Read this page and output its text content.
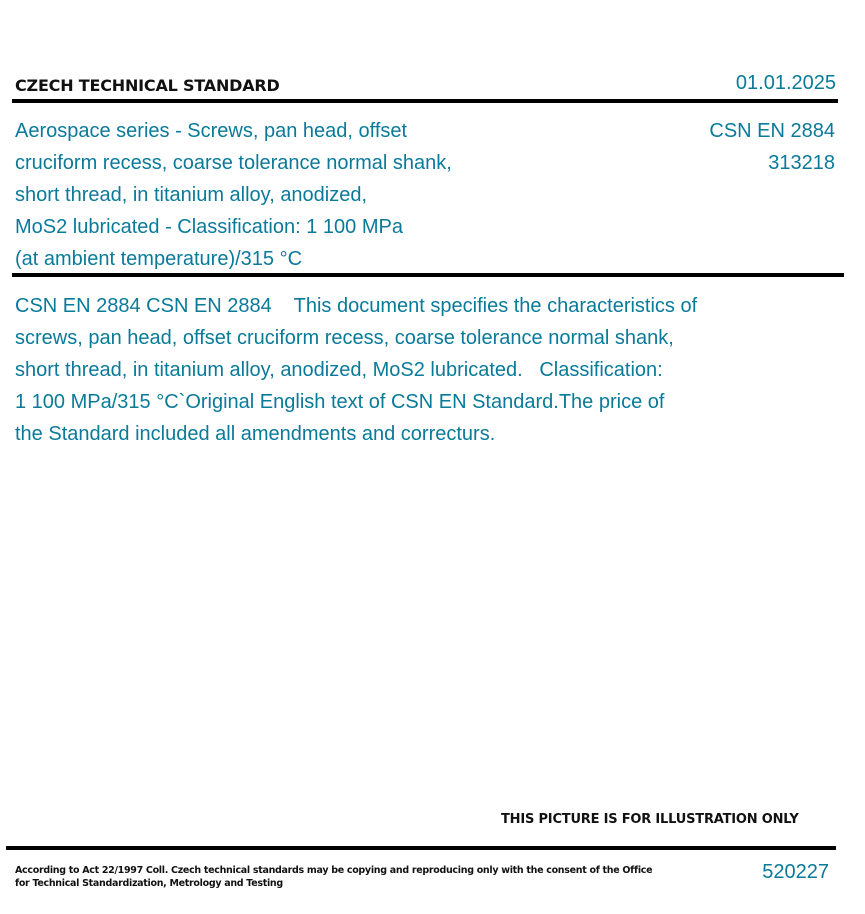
CZECH TECHNICAL STANDARD	01.01.2025
Aerospace series - Screws, pan head, offset
cruciform recess, coarse tolerance normal shank,
short thread, in titanium alloy, anodized,
MoS2 lubricated - Classification: 1 100 MPa
(at ambient temperature)/315 °C
CSN EN 2884
313218
CSN EN 2884 CSN EN 2884    This document specifies the characteristics of
screws, pan head, offset cruciform recess, coarse tolerance normal shank,
short thread, in titanium alloy, anodized, MoS2 lubricated.   Classification:
1 100 MPa/315 °C`Original English text of CSN EN Standard.The price of
the Standard included all amendments and correcturs.
THIS PICTURE IS FOR ILLUSTRATION ONLY
According to Act 22/1997 Coll. Czech technical standards may be copying and reproducing only with the consent of the Office
for Technical Standardization, Metrology and Testing
520227
